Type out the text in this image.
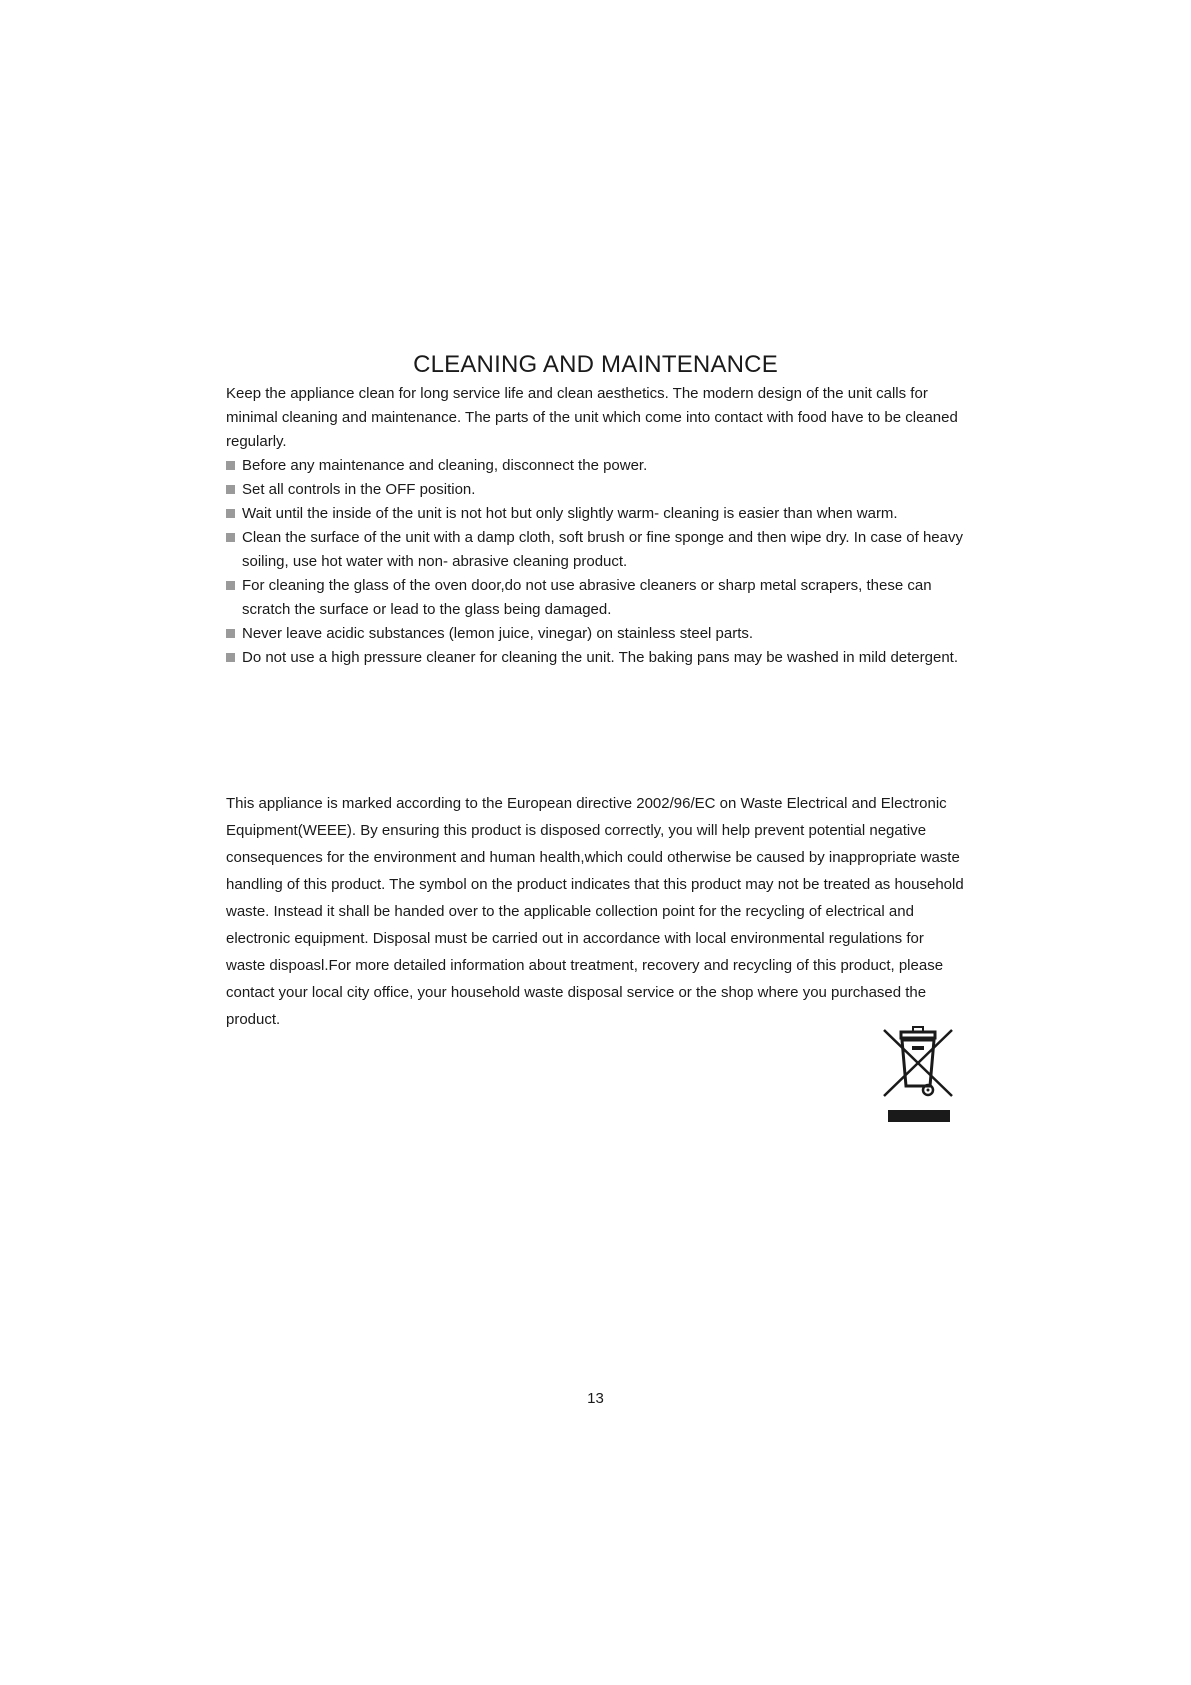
CLEANING AND MAINTENANCE

Keep the appliance clean for long service life and clean aesthetics. The modern design of the unit calls for minimal cleaning and maintenance. The parts of the unit which come into contact with food have to be cleaned regularly.

Before any maintenance and cleaning, disconnect the power.
Set all controls in the OFF position.
Wait until the inside of the unit is not hot but only slightly warm- cleaning is easier than when warm.
Clean the surface of the unit with a damp cloth, soft brush or fine sponge and then wipe dry. In case of heavy soiling, use hot water with non- abrasive cleaning product.
For cleaning the glass of the oven door,do not use abrasive cleaners or sharp metal scrapers, these can scratch the surface or lead to the glass being damaged.
Never leave acidic substances (lemon juice, vinegar) on stainless steel parts.
Do not use a high pressure cleaner for cleaning the unit. The baking pans may be washed in mild detergent.

This appliance is marked according to the European directive 2002/96/EC on Waste Electrical and Electronic Equipment(WEEE). By ensuring this product is disposed correctly, you will help prevent potential negative consequences for the environment and human health,which could otherwise be caused by inappropriate waste handling of this product. The symbol on the product indicates that this product may not be treated as household waste. Instead it shall be handed over to the applicable collection point for the recycling of electrical and electronic equipment. Disposal must be carried out in accordance with local environmental regulations for waste dispoasl.For more detailed information about treatment, recovery and recycling of this product, please contact your local city office, your household waste disposal service or the shop where you purchased the product.

13
